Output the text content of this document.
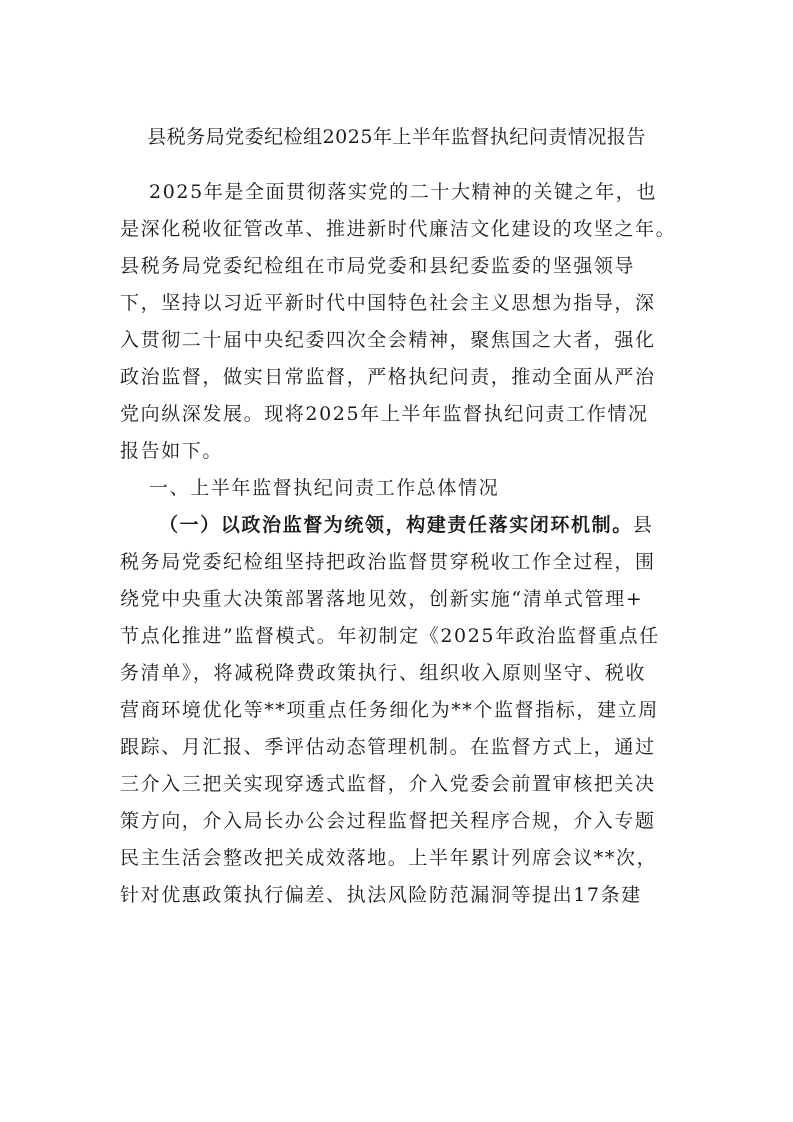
县税务局党委纪检组2025年上半年监督执纪问责情况报告
2025年是全面贯彻落实党的二十大精神的关键之年，也
是深化税收征管改革、推进新时代廉洁文化建设的攻坚之年。
县税务局党委纪检组在市局党委和县纪委监委的坚强领导
下，坚持以习近平新时代中国特色社会主义思想为指导，深
入贯彻二十届中央纪委四次全会精神，聚焦国之大者，强化
政治监督，做实日常监督，严格执纪问责，推动全面从严治
党向纵深发展。现将2025年上半年监督执纪问责工作情况
报告如下。
一、上半年监督执纪问责工作总体情况
（一）以政治监督为统领，构建责任落实闭环机制。县
税务局党委纪检组坚持把政治监督贯穿税收工作全过程，围
绕党中央重大决策部署落地见效，创新实施“清单式管理+
节点化推进”监督模式。年初制定《2025年政治监督重点任
务清单》，将减税降费政策执行、组织收入原则坚守、税收
营商环境优化等**项重点任务细化为**个监督指标，建立周
跟踪、月汇报、季评估动态管理机制。在监督方式上，通过
三介入三把关实现穿透式监督，介入党委会前置审核把关决
策方向，介入局长办公会过程监督把关程序合规，介入专题
民主生活会整改把关成效落地。上半年累计列席会议**次，
针对优惠政策执行偏差、执法风险防范漏洞等提出17条建
